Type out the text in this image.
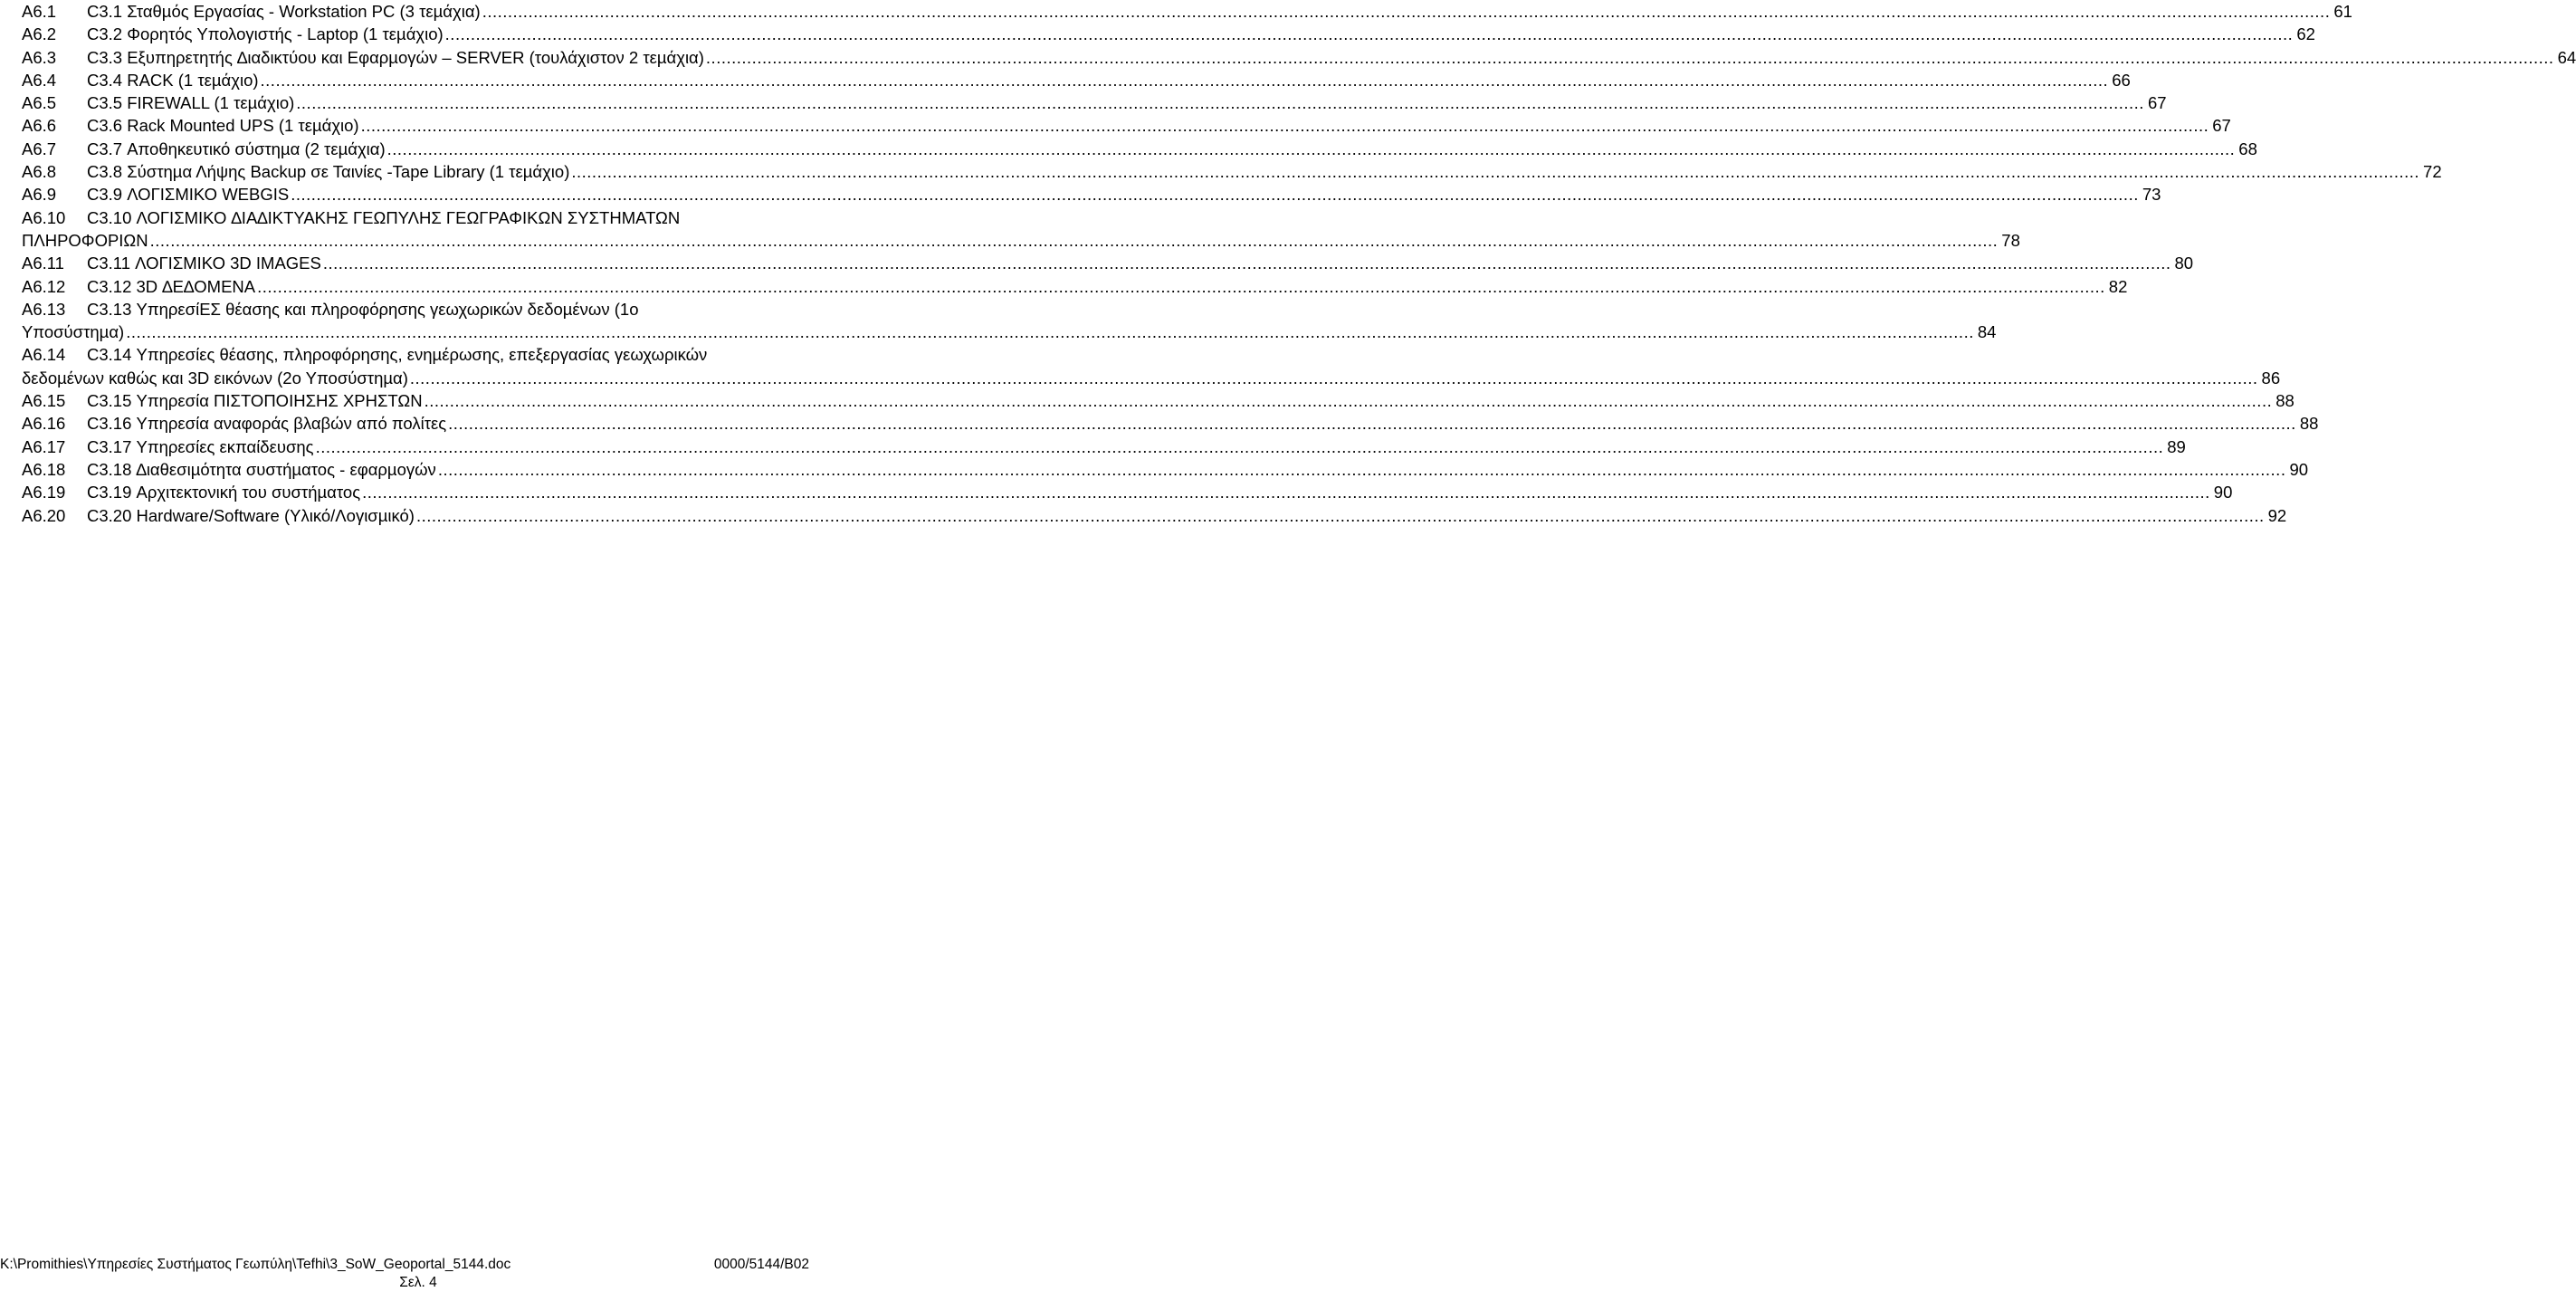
A6.1	C3.1 Σταθµός Εργασίας - Workstation PC (3 τεµάχια) .....	61
A6.2	C3.2 Φορητός Υπολογιστής - Laptop (1 τεµάχιο) .....	62
A6.3	C3.3 Εξυπηρετητής ∆ιαδικτύου και Εφαρµογών – SERVER (τουλάχιστον 2 τεµάχια) .....	64
A6.4	C3.4 RACK (1 τεµάχιο) .....	66
A6.5	C3.5 FIREWALL (1 τεµάχιο) .....	67
A6.6	C3.6 Rack Mounted UPS (1 τεµάχιο) .....	67
A6.7	C3.7 Αποθηκευτικό σύστηµα (2 τεµάχια) .....	68
A6.8	C3.8 Σύστηµα Λήψης Backup σε Ταινίες -Tape Library (1 τεµάχιο) .....	72
A6.9	C3.9 ΛΟΓΙΣΜΙΚΟ WEBGIS .....	73
A6.10	C3.10 ΛΟΓΙΣΜΙΚΟ ∆ΙΑ∆ΙΚΤΥΑΚΗΣ ΓΕΩΠΥΛΗΣ ΓΕΩΓΡΑΦΙΚΩΝ ΣΥΣΤΗΜΑΤΩΝ
ΠΛΗΡΟΦΟΡΙΩΝ .....	78
A6.11	C3.11 ΛΟΓΙΣΜΙΚΟ 3D IMAGES .....	80
A6.12	C3.12 3D ∆Ε∆ΟΜΕΝΑ .....	82
A6.13	C3.13 ΥπηρεσίΕΣ θέασης και πληροφόρησης γεωχωρικών δεδοµένων (1ο
Υποσύστηµα) .....	84
A6.14	C3.14 Υπηρεσίες θέασης, πληροφόρησης, ενηµέρωσης, επεξεργασίας γεωχωρικών
δεδοµένων καθώς και 3D εικόνων (2ο Υποσύστηµα) .....	86
A6.15	C3.15 Υπηρεσία ΠΙΣΤΟΠΟΙΗΣΗΣ ΧΡΗΣΤΩΝ .....	88
A6.16	C3.16 Υπηρεσία αναφοράς βλαβών από πολίτες .....	88
A6.17	C3.17 Υπηρεσίες εκπαίδευσης .....	89
A6.18	C3.18 ∆ιαθεσιµότητα συστήµατος - εφαρµογών .....	90
A6.19	C3.19 Αρχιτεκτονική του συστήµατος .....	90
A6.20	C3.20 Hardware/Software (Υλικό/Λογισµικό) .....	92
K:\Promithies\Υπηρεσίες Συστήµατος Γεωπύλη\Tefhi\3_SoW_Geoportal_5144.doc	0000/5144/B02
Σελ. 4
